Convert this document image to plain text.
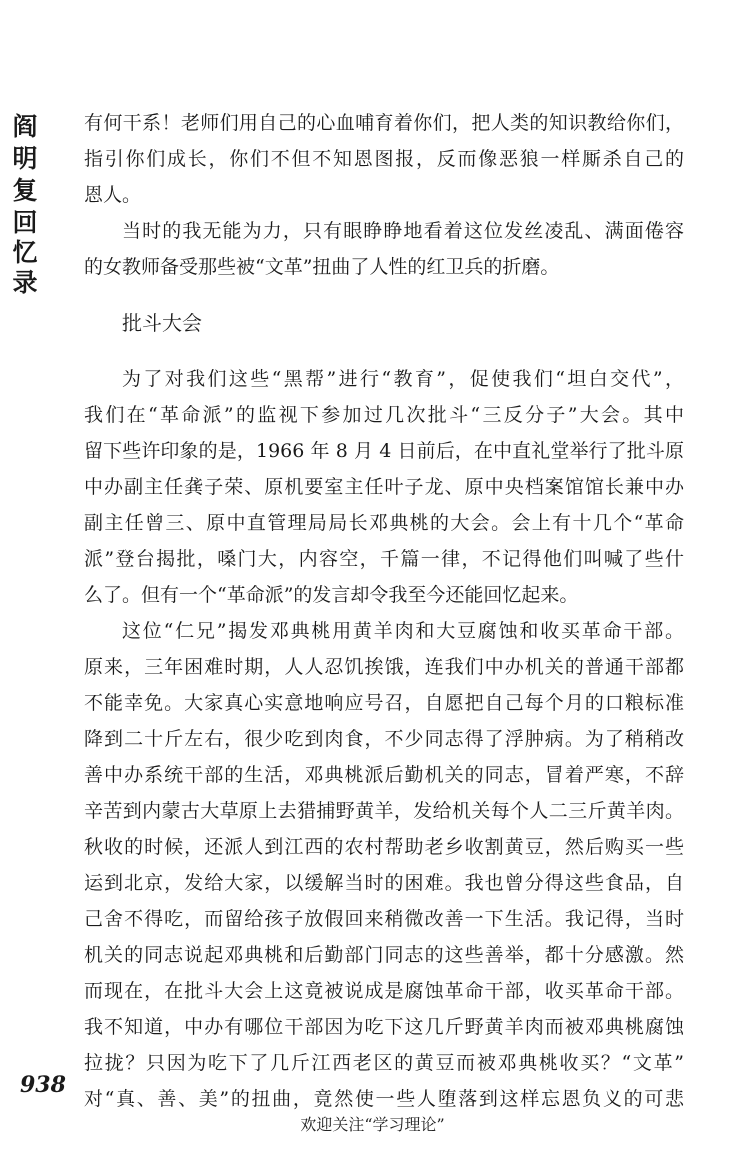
阎
明
复
回
忆
录
有何干系！老师们用自己的心血哺育着你们，把人类的知识教给你们，
指引你们成长，你们不但不知恩图报，反而像恶狼一样厮杀自己的
恩人。
当时的我无能为力，只有眼睁睁地看着这位发丝凌乱、满面倦容
的女教师备受那些被“文革”扭曲了人性的红卫兵的折磨。
批斗大会
为了对我们这些“黑帮”进行“教育”，促使我们“坦白交代”，
我们在“革命派”的监视下参加过几次批斗“三反分子”大会。其中
留下些许印象的是，1966 年 8 月 4 日前后，在中直礼堂举行了批斗原
中办副主任龚子荣、原机要室主任叶子龙、原中央档案馆馆长兼中办
副主任曾三、原中直管理局局长邓典桃的大会。会上有十几个“革命
派”登台揭批，嗓门大，内容空，千篇一律，不记得他们叫喊了些什
么了。但有一个“革命派”的发言却令我至今还能回忆起来。
这位“仁兄”揭发邓典桃用黄羊肉和大豆腐蚀和收买革命干部。
原来，三年困难时期，人人忍饥挨饿，连我们中办机关的普通干部都
不能幸免。大家真心实意地响应号召，自愿把自己每个月的口粮标准
降到二十斤左右，很少吃到肉食，不少同志得了浮肿病。为了稍稍改
善中办系统干部的生活，邓典桃派后勤机关的同志，冒着严寒，不辞
辛苦到内蒙古大草原上去猎捕野黄羊，发给机关每个人二三斤黄羊肉。
秋收的时候，还派人到江西的农村帮助老乡收割黄豆，然后购买一些
运到北京，发给大家，以缓解当时的困难。我也曾分得这些食品，自
己舍不得吃，而留给孩子放假回来稍微改善一下生活。我记得，当时
机关的同志说起邓典桃和后勤部门同志的这些善举，都十分感激。然
而现在，在批斗大会上这竟被说成是腐蚀革命干部，收买革命干部。
我不知道，中办有哪位干部因为吃下这几斤野黄羊肉而被邓典桃腐蚀
拉拢？只因为吃下了几斤江西老区的黄豆而被邓典桃收买？“文革”
对“真、善、美”的扭曲，竟然使一些人堕落到这样忘恩负义的可悲
938
欢迎关注“学习理论”
